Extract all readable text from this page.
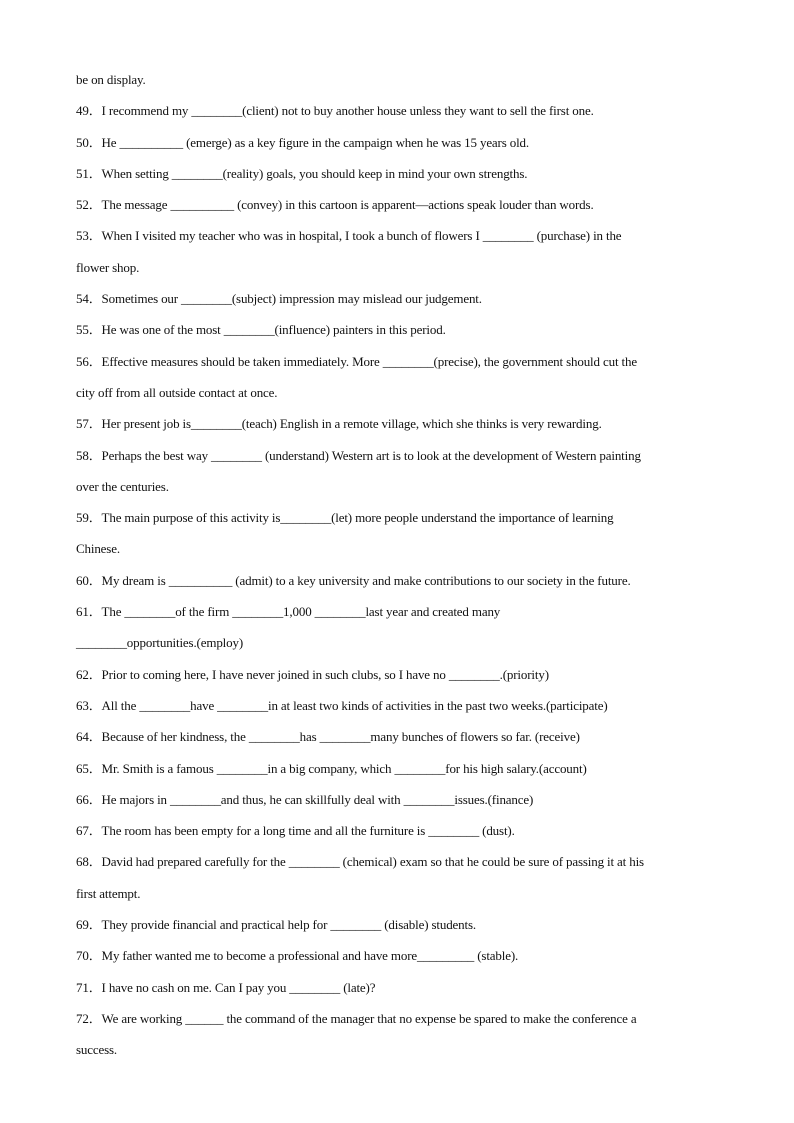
be on display.
49．I recommend my ________(client) not to buy another house unless they want to sell the first one.
50．He __________ (emerge) as a key figure in the campaign when he was 15 years old.
51．When setting ________(reality) goals, you should keep in mind your own strengths.
52．The message __________ (convey) in this cartoon is apparent—actions speak louder than words.
53．When I visited my teacher who was in hospital, I took a bunch of flowers I ________ (purchase) in the
flower shop.
54．Sometimes our ________(subject) impression may mislead our judgement.
55．He was one of the most ________(influence) painters in this period.
56．Effective measures should be taken immediately. More ________(precise), the government should cut the
city off from all outside contact at once.
57．Her present job is________(teach) English in a remote village, which she thinks is very rewarding.
58．Perhaps the best way ________ (understand) Western art is to look at the development of Western painting
over the centuries.
59．The main purpose of this activity is________(let) more people understand the importance of learning
Chinese.
60．My dream is __________ (admit) to a key university and make contributions to our society in the future.
61．The ________of the firm ________1,000 ________last year and created many
________opportunities.(employ)
62．Prior to coming here, I have never joined in such clubs, so I have no ________.(priority)
63．All the ________have ________in at least two kinds of activities in the past two weeks.(participate)
64．Because of her kindness, the ________has ________many bunches of flowers so far. (receive)
65．Mr. Smith is a famous ________in a big company, which ________for his high salary.(account)
66．He majors in ________and thus, he can skillfully deal with ________issues.(finance)
67．The room has been empty for a long time and all the furniture is ________ (dust).
68．David had prepared carefully for the ________ (chemical) exam so that he could be sure of passing it at his
first attempt.
69．They provide financial and practical help for ________ (disable) students.
70．My father wanted me to become a professional and have more_________ (stable).
71．I have no cash on me. Can I pay you ________ (late)?
72．We are working ______ the command of the manager that no expense be spared to make the conference a
success.
